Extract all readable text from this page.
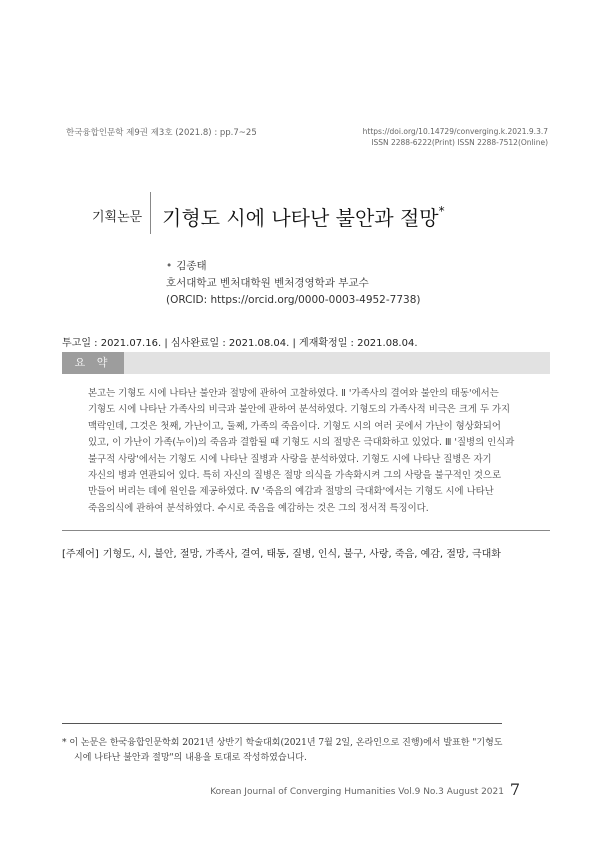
한국융합인문학 제9권 제3호 (2021.8) : pp.7~25	https://doi.org/10.14729/converging.k.2021.9.3.7
ISSN 2288-6222(Print) ISSN 2288-7512(Online)
기획논문 기형도 시에 나타난 불안과 절망*
• 김종태
호서대학교 벤처대학원 벤처경영학과 부교수
(ORCID: https://orcid.org/0000-0003-4952-7738)
투고일 : 2021.07.16. | 심사완료일 : 2021.08.04. | 게재확정일 : 2021.08.04.
요 약
본고는 기형도 시에 나타난 불안과 절망에 관하여 고찰하였다. Ⅱ '가족사의 결여와 불안의 태동'에서는
기형도 시에 나타난 가족사의 비극과 불안에 관하여 분석하였다. 기형도의 가족사적 비극은 크게 두 가지
맥락인데, 그것은 첫째, 가난이고, 둘째, 가족의 죽음이다. 기형도 시의 여러 곳에서 가난이 형상화되어
있고, 이 가난이 가족(누이)의 죽음과 결합될 때 기형도 시의 절망은 극대화하고 있었다. Ⅲ '질병의 인식과
불구적 사랑'에서는 기형도 시에 나타난 질병과 사랑을 분석하였다. 기형도 시에 나타난 질병은 자기
자신의 병과 연관되어 있다. 특히 자신의 질병은 절망 의식을 가속화시켜 그의 사랑을 불구적인 것으로
만들어 버리는 데에 원인을 제공하였다. Ⅳ '죽음의 예감과 절망의 극대화'에서는 기형도 시에 나타난
죽음의식에 관하여 분석하였다. 수시로 죽음을 예감하는 것은 그의 정서적 특징이다.
[주제어] 기형도, 시, 불안, 절망, 가족사, 결여, 태동, 질병, 인식, 불구, 사랑, 죽음, 예감, 절망, 극대화
* 이 논문은 한국융합인문학회 2021년 상반기 학술대회(2021년 7월 2일, 온라인으로 진행)에서 발표한 "기형도
시에 나타난 불안과 절망"의 내용을 토대로 작성하였습니다.
Korean Journal of Converging Humanities Vol.9 No.3 August 2021 7
